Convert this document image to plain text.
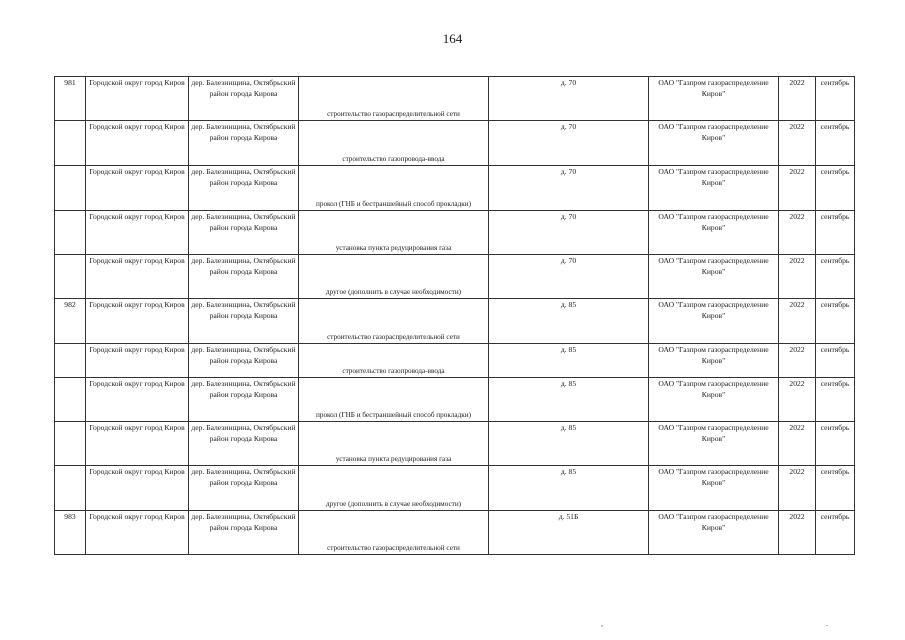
164
981	Городской округ город Киров	дер. Балезинщина, Октябрьский район города Кирова	строительство газораспределительной сети	д. 70	ОАО "Газпром газораспределение Киров"	2022	сентябрь
	Городской округ город Киров	дер. Балезинщина, Октябрьский район города Кирова	строительство газопровода-ввода	д. 70	ОАО "Газпром газораспределение Киров"	2022	сентябрь
	Городской округ город Киров	дер. Балезинщина, Октябрьский район города Кирова	прокол (ГНБ и бестраншейный способ прокладки)	д. 70	ОАО "Газпром газораспределение Киров"	2022	сентябрь
	Городской округ город Киров	дер. Балезинщина, Октябрьский район города Кирова	установка пункта редуцирования газа	д. 70	ОАО "Газпром газораспределение Киров"	2022	сентябрь
	Городской округ город Киров	дер. Балезинщина, Октябрьский район города Кирова	другое (дополнить в случае необходимости)	д. 70	ОАО "Газпром газораспределение Киров"	2022	сентябрь
982	Городской округ город Киров	дер. Балезинщина, Октябрьский район города Кирова	строительство газораспределительной сети	д. 85	ОАО "Газпром газораспределение Киров"	2022	сентябрь
	Городской округ город Киров	дер. Балезинщина, Октябрьский район города Кирова	строительство газопровода-ввода	д. 85	ОАО "Газпром газораспределение Киров"	2022	сентябрь
	Городской округ город Киров	дер. Балезинщина, Октябрьский район города Кирова	прокол (ГНБ и бестраншейный способ прокладки)	д. 85	ОАО "Газпром газораспределение Киров"	2022	сентябрь
	Городской округ город Киров	дер. Балезинщина, Октябрьский район города Кирова	установка пункта редуцирования газа	д. 85	ОАО "Газпром газораспределение Киров"	2022	сентябрь
	Городской округ город Киров	дер. Балезинщина, Октябрьский район города Кирова	другое (дополнить в случае необходимости)	д. 85	ОАО "Газпром газораспределение Киров"	2022	сентябрь
983	Городской округ город Киров	дер. Балезинщина, Октябрьский район города Кирова	строительство газораспределительной сети	д. 51Б	ОАО "Газпром газораспределение Киров"	2022	сентябрь
,	.
